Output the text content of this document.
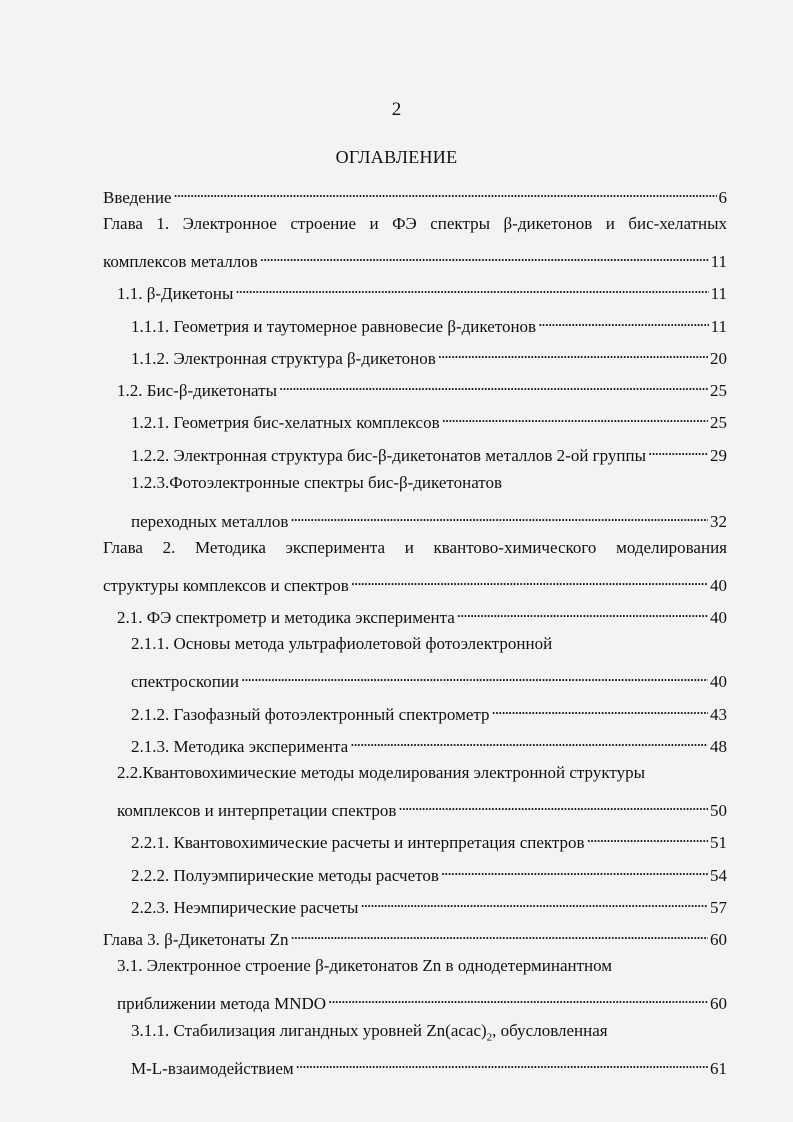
2
ОГЛАВЛЕНИЕ
Введение . . .	6
Глава 1. Электронное строение и ФЭ спектры β-дикетонов и бис-хелатных
комплексов металлов . . .	11
1.1. β-Дикетоны . . .	11
1.1.1. Геометрия и таутомерное равновесие β-дикетонов . . .	11
1.1.2. Электронная структура β-дикетонов . . .	20
1.2. Бис-β-дикетонаты . . .	25
1.2.1. Геометрия бис-хелатных комплексов . . .	25
1.2.2. Электронная структура бис-β-дикетонатов металлов 2-ой группы . . .	29
1.2.3.Фотоэлектронные спектры бис-β-дикетонатов
переходных металлов . . .	32
Глава 2. Методика эксперимента и квантово-химического моделирования
структуры комплексов и спектров . . .	40
2.1. ФЭ спектрометр и методика эксперимента . . .	40
2.1.1. Основы метода ультрафиолетовой фотоэлектронной
спектроскопии . . .	40
2.1.2. Газофазный фотоэлектронный спектрометр . . .	43
2.1.3. Методика эксперимента . . .	48
2.2.Квантовохимические методы моделирования электронной структуры
комплексов и интерпретации спектров . . .	50
2.2.1. Квантовохимические расчеты и интерпретация спектров . . .	51
2.2.2. Полуэмпирические методы расчетов . . .	54
2.2.3. Неэмпирические расчеты . . .	57
Глава 3. β-Дикетонаты Zn . . .	60
3.1. Электронное строение β-дикетонатов Zn в однодетерминантном
приближении метода MNDO . . .	60
3.1.1. Стабилизация лигандных уровней $Zn(acac)_2$, обусловленная
M-L-взаимодействием . . .	61
